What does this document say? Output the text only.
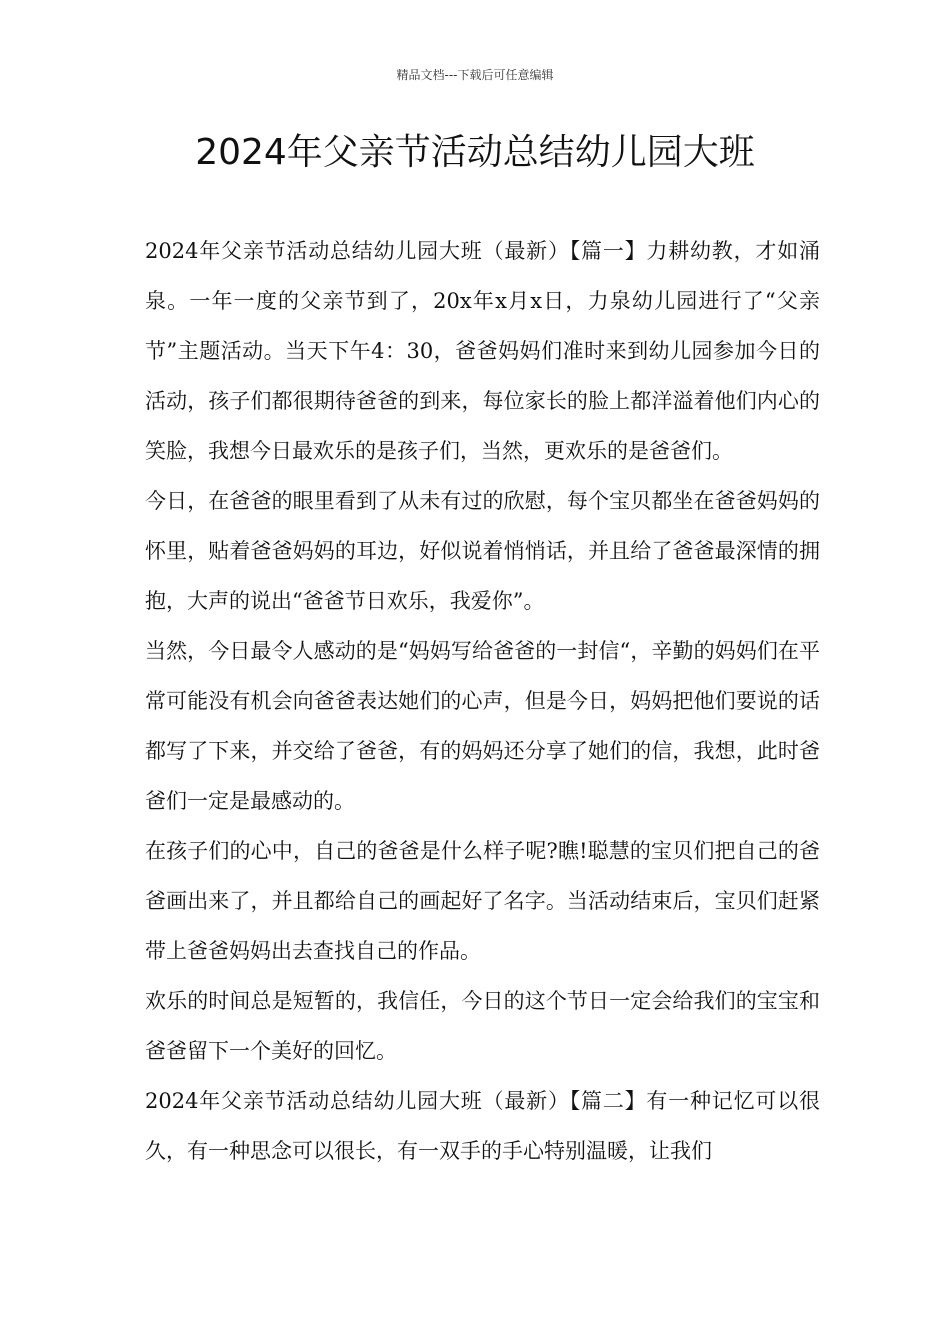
精品文档---下载后可任意编辑
2024年父亲节活动总结幼儿园大班

2024年父亲节活动总结幼儿园大班（最新）【篇一】力耕幼教，才如涌泉。一年一度的父亲节到了，20x年x月x日，力泉幼儿园进行了“父亲节”主题活动。当天下午4：30，爸爸妈妈们准时来到幼儿园参加今日的活动，孩子们都很期待爸爸的到来，每位家长的脸上都洋溢着他们内心的笑脸，我想今日最欢乐的是孩子们，当然，更欢乐的是爸爸们。

今日，在爸爸的眼里看到了从未有过的欣慰，每个宝贝都坐在爸爸妈妈的怀里，贴着爸爸妈妈的耳边，好似说着悄悄话，并且给了爸爸最深情的拥抱，大声的说出“爸爸节日欢乐，我爱你”。

当然，今日最令人感动的是“妈妈写给爸爸的一封信“，辛勤的妈妈们在平常可能没有机会向爸爸表达她们的心声，但是今日，妈妈把他们要说的话都写了下来，并交给了爸爸，有的妈妈还分享了她们的信，我想，此时爸爸们一定是最感动的。

在孩子们的心中，自己的爸爸是什么样子呢?瞧!聪慧的宝贝们把自己的爸爸画出来了，并且都给自己的画起好了名字。当活动结束后，宝贝们赶紧带上爸爸妈妈出去查找自己的作品。

欢乐的时间总是短暂的，我信任，今日的这个节日一定会给我们的宝宝和爸爸留下一个美好的回忆。

2024年父亲节活动总结幼儿园大班（最新）【篇二】有一种记忆可以很久，有一种思念可以很长，有一双手的手心特别温暖，让我们
